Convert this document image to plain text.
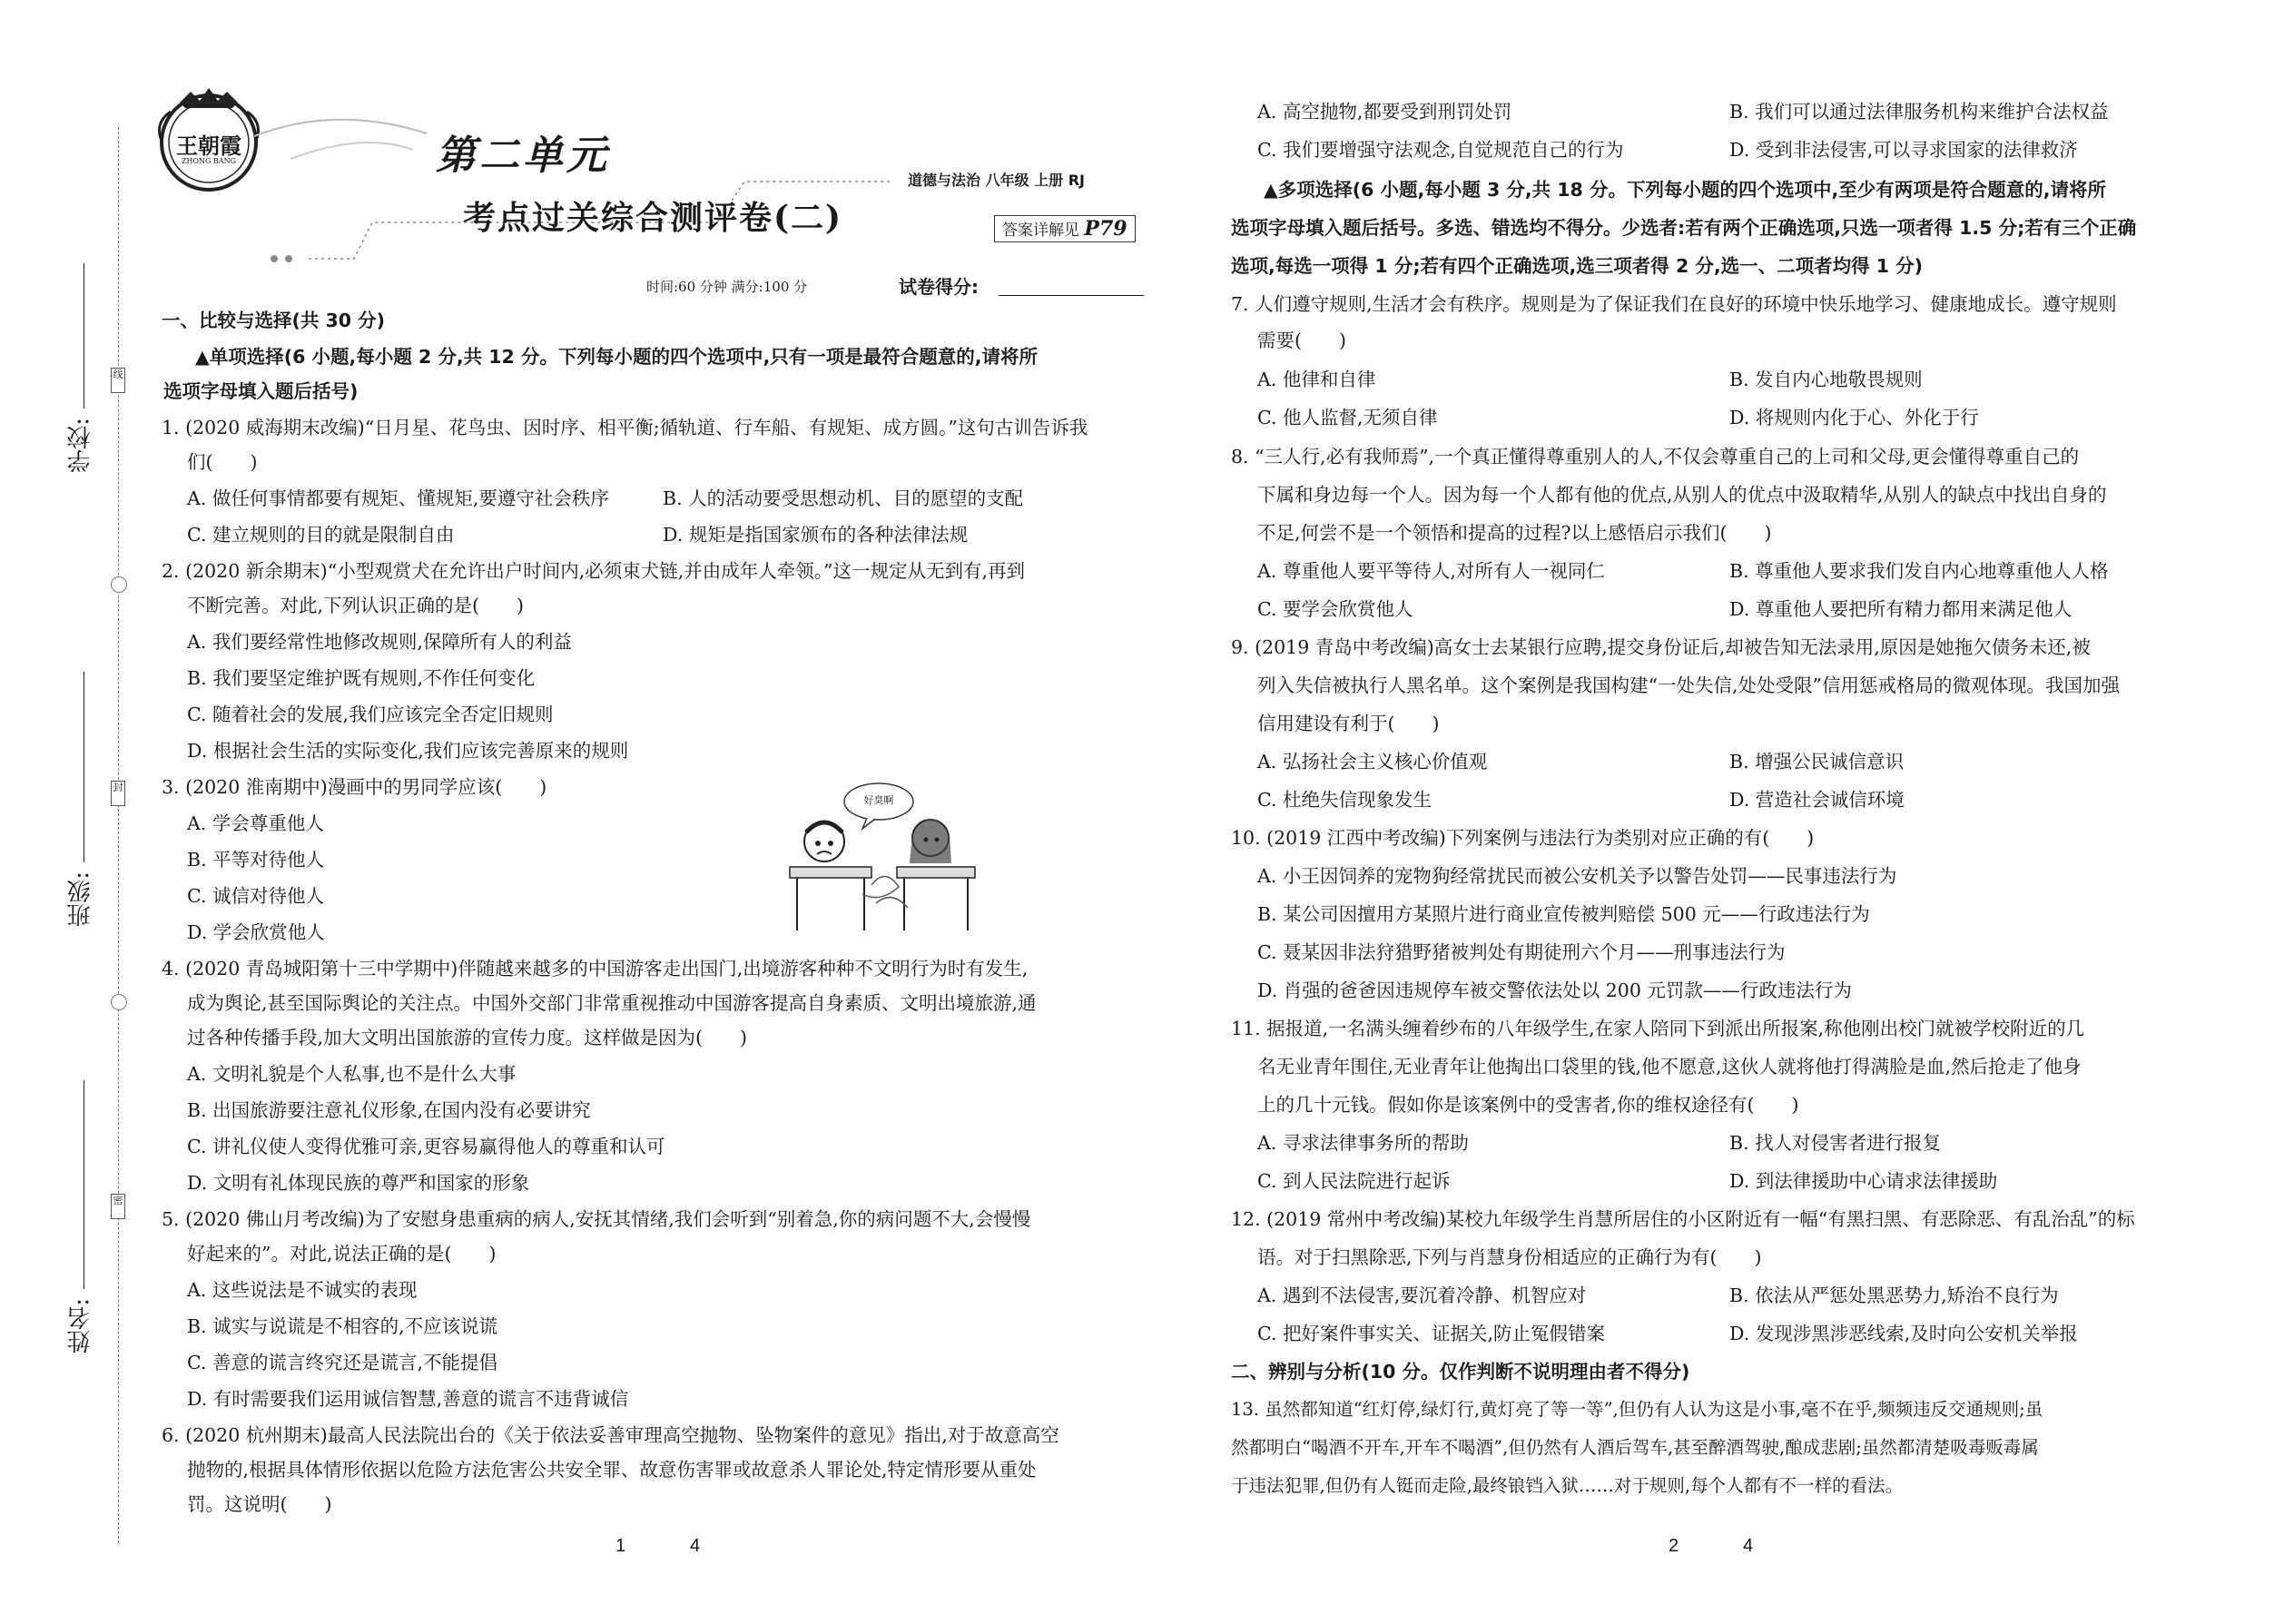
学校:
班级:
姓名:
线
封
密
王朝霞
ZHONG BANG	第二单元
考点过关综合测评卷(二)
道德与法治 八年级 上册 RJ
答案详解见 P79
时间:60 分钟 满分:100 分	试卷得分:
一、比较与选择(共 30 分)
▲单项选择(6 小题,每小题 2 分,共 12 分。下列每小题的四个选项中,只有一项是最符合题意的,请将所
选项字母填入题后括号)
1. (2020 威海期末改编)“日月星、花鸟虫、因时序、相平衡;循轨道、行车船、有规矩、成方圆。”这句古训告诉我
们(　　)
A. 做任何事情都要有规矩、懂规矩,要遵守社会秩序	B. 人的活动要受思想动机、目的愿望的支配
C. 建立规则的目的就是限制自由	D. 规矩是指国家颁布的各种法律法规
2. (2020 新余期末)“小型观赏犬在允许出户时间内,必须束犬链,并由成年人牵领。”这一规定从无到有,再到
不断完善。对此,下列认识正确的是(　　)
A. 我们要经常性地修改规则,保障所有人的利益
B. 我们要坚定维护既有规则,不作任何变化
C. 随着社会的发展,我们应该完全否定旧规则
D. 根据社会生活的实际变化,我们应该完善原来的规则
3. (2020 淮南期中)漫画中的男同学应该(　　)
A. 学会尊重他人
B. 平等对待他人
C. 诚信对待他人
D. 学会欣赏他人
好臭啊
4. (2020 青岛城阳第十三中学期中)伴随越来越多的中国游客走出国门,出境游客种种不文明行为时有发生,
成为舆论,甚至国际舆论的关注点。中国外交部门非常重视推动中国游客提高自身素质、文明出境旅游,通
过各种传播手段,加大文明出国旅游的宣传力度。这样做是因为(　　)
A. 文明礼貌是个人私事,也不是什么大事
B. 出国旅游要注意礼仪形象,在国内没有必要讲究
C. 讲礼仪使人变得优雅可亲,更容易赢得他人的尊重和认可
D. 文明有礼体现民族的尊严和国家的形象
5. (2020 佛山月考改编)为了安慰身患重病的病人,安抚其情绪,我们会听到“别着急,你的病问题不大,会慢慢
好起来的”。对此,说法正确的是(　　)
A. 这些说法是不诚实的表现
B. 诚实与说谎是不相容的,不应该说谎
C. 善意的谎言终究还是谎言,不能提倡
D. 有时需要我们运用诚信智慧,善意的谎言不违背诚信
6. (2020 杭州期末)最高人民法院出台的《关于依法妥善审理高空抛物、坠物案件的意见》指出,对于故意高空
抛物的,根据具体情形依据以危险方法危害公共安全罪、故意伤害罪或故意杀人罪论处,特定情形要从重处
罚。这说明(　　)
1	4
A. 高空抛物,都要受到刑罚处罚	B. 我们可以通过法律服务机构来维护合法权益
C. 我们要增强守法观念,自觉规范自己的行为	D. 受到非法侵害,可以寻求国家的法律救济
▲多项选择(6 小题,每小题 3 分,共 18 分。下列每小题的四个选项中,至少有两项是符合题意的,请将所
选项字母填入题后括号。多选、错选均不得分。少选者:若有两个正确选项,只选一项者得 1.5 分;若有三个正确
选项,每选一项得 1 分;若有四个正确选项,选三项者得 2 分,选一、二项者均得 1 分)
7. 人们遵守规则,生活才会有秩序。规则是为了保证我们在良好的环境中快乐地学习、健康地成长。遵守规则
需要(　　)
A. 他律和自律	B. 发自内心地敬畏规则
C. 他人监督,无须自律	D. 将规则内化于心、外化于行
8. “三人行,必有我师焉”,一个真正懂得尊重别人的人,不仅会尊重自己的上司和父母,更会懂得尊重自己的
下属和身边每一个人。因为每一个人都有他的优点,从别人的优点中汲取精华,从别人的缺点中找出自身的
不足,何尝不是一个领悟和提高的过程?以上感悟启示我们(　　)
A. 尊重他人要平等待人,对所有人一视同仁	B. 尊重他人要求我们发自内心地尊重他人人格
C. 要学会欣赏他人	D. 尊重他人要把所有精力都用来满足他人
9. (2019 青岛中考改编)高女士去某银行应聘,提交身份证后,却被告知无法录用,原因是她拖欠债务未还,被
列入失信被执行人黑名单。这个案例是我国构建“一处失信,处处受限”信用惩戒格局的微观体现。我国加强
信用建设有利于(　　)
A. 弘扬社会主义核心价值观	B. 增强公民诚信意识
C. 杜绝失信现象发生	D. 营造社会诚信环境
10. (2019 江西中考改编)下列案例与违法行为类别对应正确的有(　　)
A. 小王因饲养的宠物狗经常扰民而被公安机关予以警告处罚——民事违法行为
B. 某公司因擅用方某照片进行商业宣传被判赔偿 500 元——行政违法行为
C. 聂某因非法狩猎野猪被判处有期徒刑六个月——刑事违法行为
D. 肖强的爸爸因违规停车被交警依法处以 200 元罚款——行政违法行为
11. 据报道,一名满头缠着纱布的八年级学生,在家人陪同下到派出所报案,称他刚出校门就被学校附近的几
名无业青年围住,无业青年让他掏出口袋里的钱,他不愿意,这伙人就将他打得满脸是血,然后抢走了他身
上的几十元钱。假如你是该案例中的受害者,你的维权途径有(　　)
A. 寻求法律事务所的帮助	B. 找人对侵害者进行报复
C. 到人民法院进行起诉	D. 到法律援助中心请求法律援助
12. (2019 常州中考改编)某校九年级学生肖慧所居住的小区附近有一幅“有黑扫黑、有恶除恶、有乱治乱”的标
语。对于扫黑除恶,下列与肖慧身份相适应的正确行为有(　　)
A. 遇到不法侵害,要沉着冷静、机智应对	B. 依法从严惩处黑恶势力,矫治不良行为
C. 把好案件事实关、证据关,防止冤假错案	D. 发现涉黑涉恶线索,及时向公安机关举报
二、辨别与分析(10 分。仅作判断不说明理由者不得分)
13. 虽然都知道“红灯停,绿灯行,黄灯亮了等一等”,但仍有人认为这是小事,毫不在乎,频频违反交通规则;虽
然都明白“喝酒不开车,开车不喝酒”,但仍然有人酒后驾车,甚至醉酒驾驶,酿成悲剧;虽然都清楚吸毒贩毒属
于违法犯罪,但仍有人铤而走险,最终锒铛入狱……对于规则,每个人都有不一样的看法。
2	4
